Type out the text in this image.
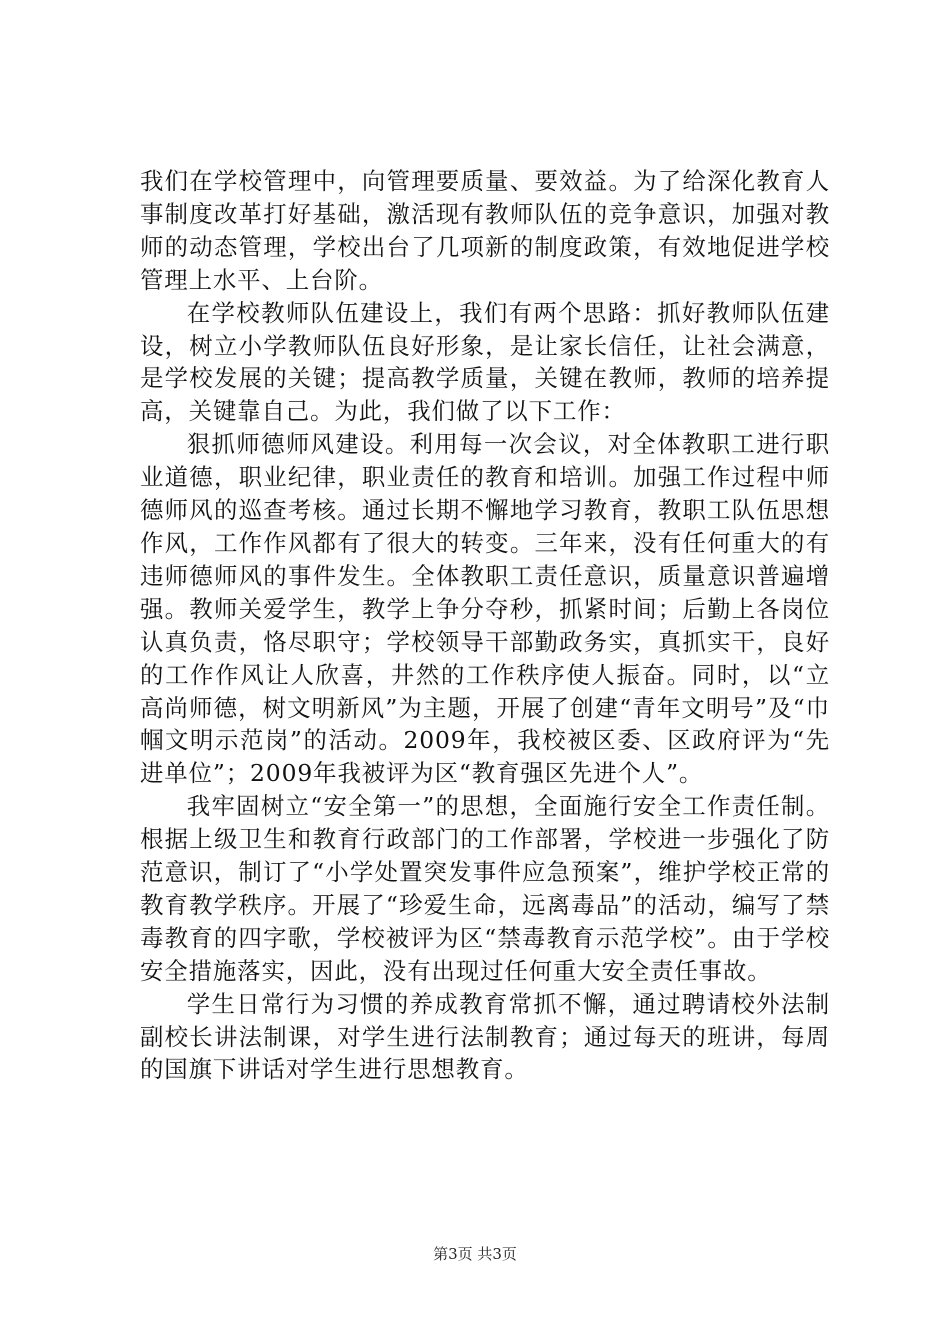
我们在学校管理中，向管理要质量、要效益。为了给深化教育人事制度改革打好基础，激活现有教师队伍的竞争意识，加强对教师的动态管理，学校出台了几项新的制度政策，有效地促进学校管理上水平、上台阶。

在学校教师队伍建设上，我们有两个思路：抓好教师队伍建设，树立小学教师队伍良好形象，是让家长信任，让社会满意，是学校发展的关键；提高教学质量，关键在教师，教师的培养提高，关键靠自己。为此，我们做了以下工作：

狠抓师德师风建设。利用每一次会议，对全体教职工进行职业道德，职业纪律，职业责任的教育和培训。加强工作过程中师德师风的巡查考核。通过长期不懈地学习教育，教职工队伍思想作风，工作作风都有了很大的转变。三年来，没有任何重大的有违师德师风的事件发生。全体教职工责任意识，质量意识普遍增强。教师关爱学生，教学上争分夺秒，抓紧时间；后勤上各岗位认真负责，恪尽职守；学校领导干部勤政务实，真抓实干，良好的工作作风让人欣喜，井然的工作秩序使人振奋。同时，以“立高尚师德，树文明新风”为主题，开展了创建“青年文明号”及“巾帼文明示范岗”的活动。2009年，我校被区委、区政府评为“先进单位”；2009年我被评为区“教育强区先进个人”。

我牢固树立“安全第一”的思想，全面施行安全工作责任制。根据上级卫生和教育行政部门的工作部署，学校进一步强化了防范意识，制订了“小学处置突发事件应急预案”，维护学校正常的教育教学秩序。开展了“珍爱生命，远离毒品”的活动，编写了禁毒教育的四字歌，学校被评为区“禁毒教育示范学校”。由于学校安全措施落实，因此，没有出现过任何重大安全责任事故。

学生日常行为习惯的养成教育常抓不懈，通过聘请校外法制副校长讲法制课，对学生进行法制教育；通过每天的班讲，每周的国旗下讲话对学生进行思想教育。

第3页 共3页
